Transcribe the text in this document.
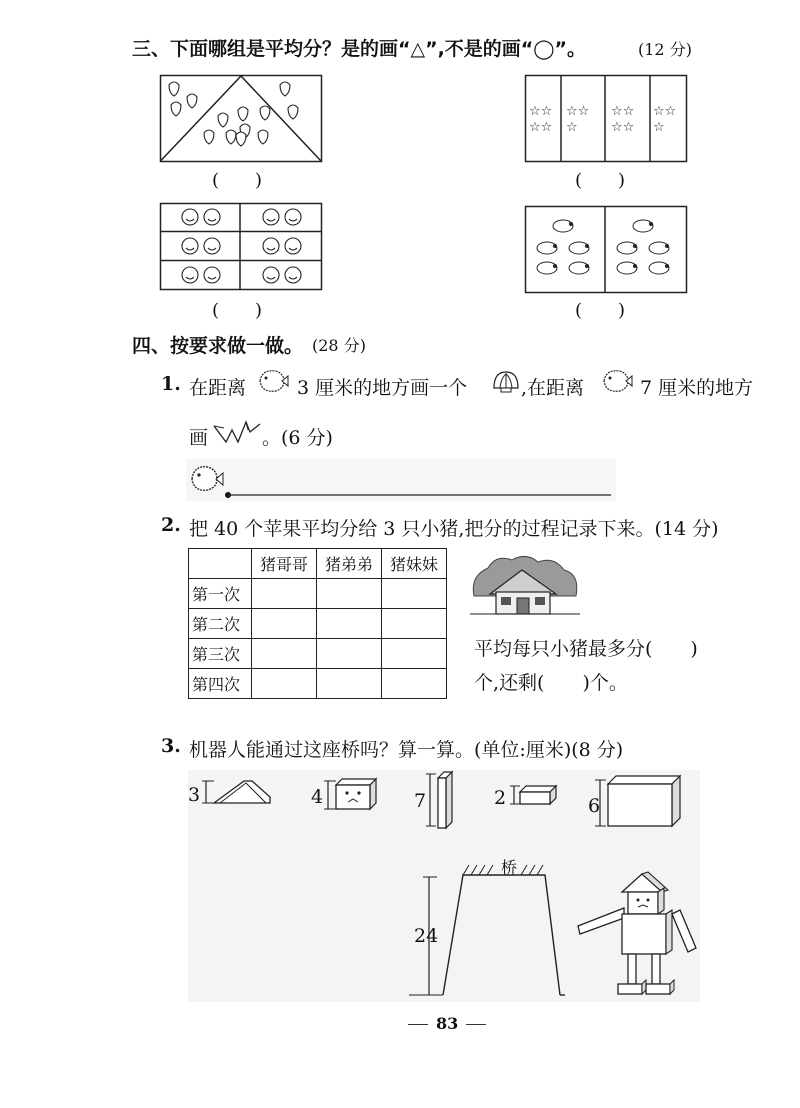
三、下面哪组是平均分？是的画“△”,不是的画“◯”。	(12 分)
(　　)
☆☆
☆☆
☆☆
☆
☆☆
☆☆
☆☆
☆
(　　)
(　　)	(　　)
四、按要求做一做。 (28 分)
1. 在距离	3 厘米的地方画一个	,在距离	7 厘米的地方
画	。(6 分)
2. 把 40 个苹果平均分给 3 只小猪,把分的过程记录下来。(14 分)
	猪哥哥	猪弟弟	猪妹妹
第一次			
第二次			
第三次			
第四次			
平均每只小猪最多分(　　)
个,还剩(　　)个。
3. 机器人能通过这座桥吗？算一算。(单位:厘米)(8 分)
3	4	7	2	6
桥
24
83
